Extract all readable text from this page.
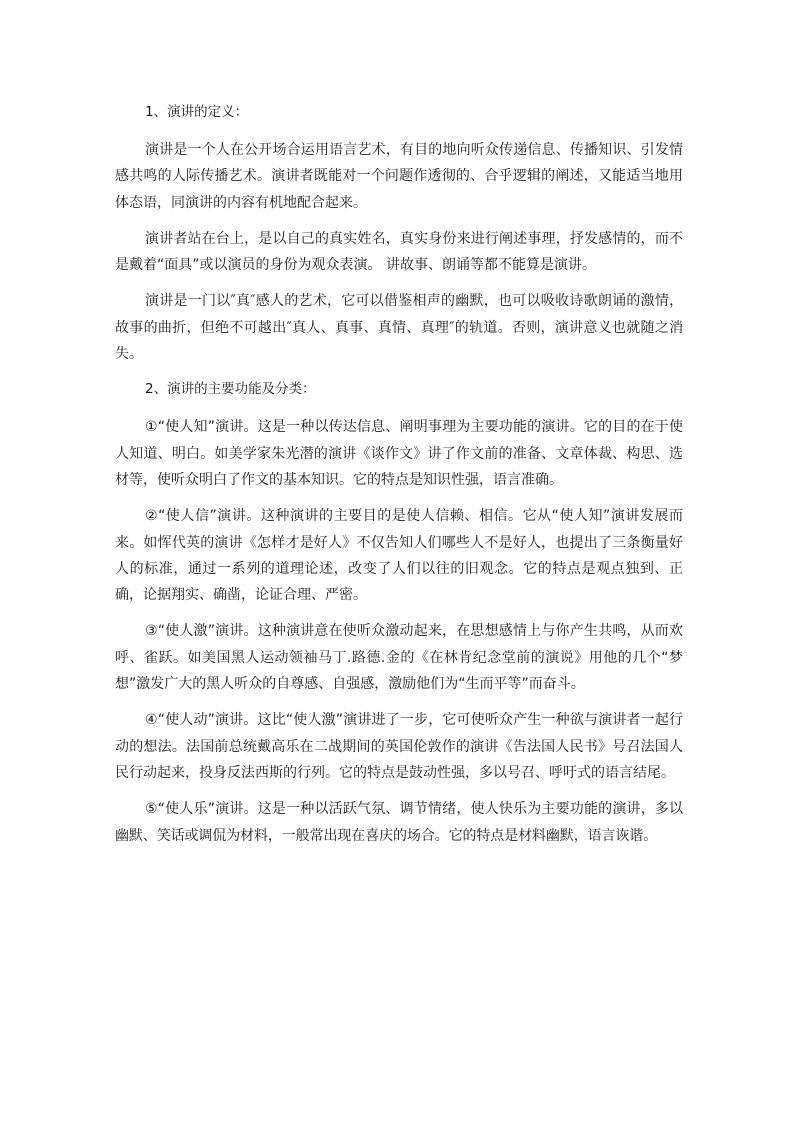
1、演讲的定义：

演讲是一个人在公开场合运用语言艺术，有目的地向听众传递信息、传播知识、引发情感共鸣的人际传播艺术。演讲者既能对一个问题作透彻的、合乎逻辑的阐述，又能适当地用体态语，同演讲的内容有机地配合起来。

演讲者站在台上，是以自己的真实姓名，真实身份来进行阐述事理，抒发感情的，而不是戴着“面具”或以演员的身份为观众表演。 讲故事、朗诵等都不能算是演讲。

演讲是一门以″真″感人的艺术，它可以借鉴相声的幽默，也可以吸收诗歌朗诵的激情，故事的曲折，但绝不可越出″真人、真事、真情、真理″的轨道。否则，演讲意义也就随之消失。

2、演讲的主要功能及分类：

①“使人知”演讲。这是一种以传达信息、阐明事理为主要功能的演讲。它的目的在于使人知道、明白。如美学家朱光潜的演讲《谈作文》讲了作文前的准备、文章体裁、构思、选材等，使听众明白了作文的基本知识。它的特点是知识性强，语言准确。

②“使人信”演讲。这种演讲的主要目的是使人信赖、相信。它从“使人知”演讲发展而来。如恽代英的演讲《怎样才是好人》不仅告知人们哪些人不是好人，也提出了三条衡量好人的标准，通过一系列的道理论述，改变了人们以往的旧观念。它的特点是观点独到、正确，论据翔实、确凿，论证合理、严密。

③“使人激”演讲。这种演讲意在使听众激动起来，在思想感情上与你产生共鸣，从而欢呼、雀跃。如美国黑人运动领袖马丁.路德.金的《在林肯纪念堂前的演说》用他的几个“梦想”激发广大的黑人听众的自尊感、自强感，激励他们为“生而平等”而奋斗。

④“使人动”演讲。这比“使人激”演讲进了一步，它可使听众产生一种欲与演讲者一起行动的想法。法国前总统戴高乐在二战期间的英国伦敦作的演讲《告法国人民书》号召法国人民行动起来，投身反法西斯的行列。它的特点是鼓动性强，多以号召、呼吁式的语言结尾。

⑤“使人乐”演讲。这是一种以活跃气氛、调节情绪，使人快乐为主要功能的演讲，多以幽默、笑话或调侃为材料，一般常出现在喜庆的场合。它的特点是材料幽默，语言诙谐。
